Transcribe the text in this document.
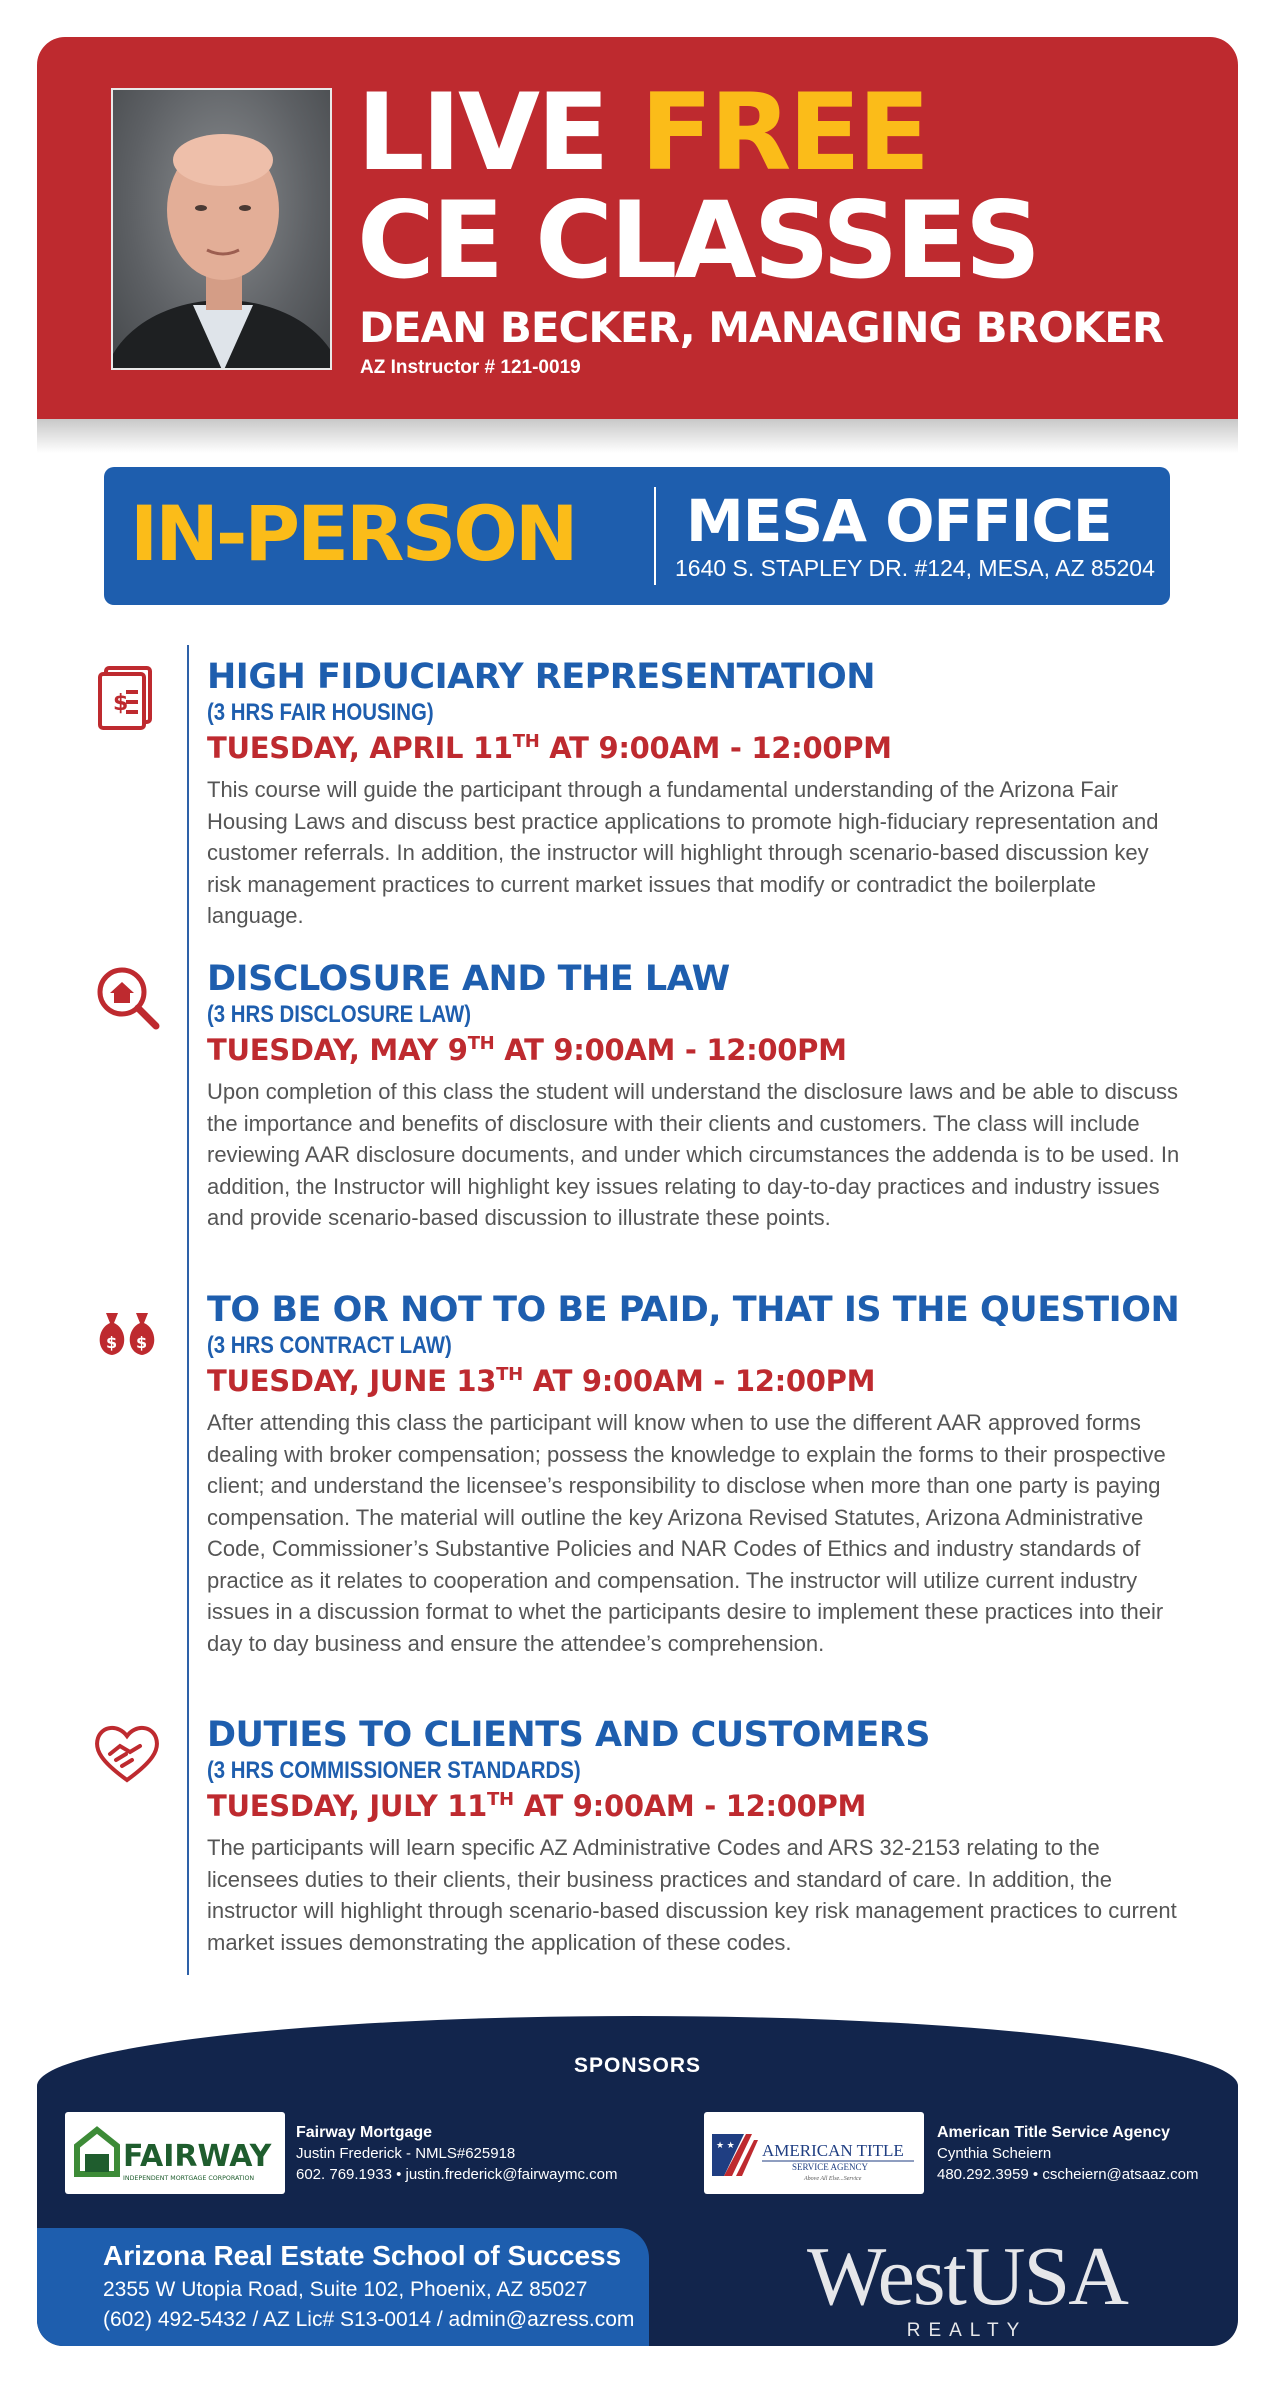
LIVE FREE
CE CLASSES
DEAN BECKER, MANAGING BROKER
AZ Instructor # 121-0019
IN-PERSON MESA OFFICE
1640 S. STAPLEY DR. #124, MESA, AZ 85204
$
$ $
HIGH FIDUCIARY REPRESENTATION
(3 HRS FAIR HOUSING)
TUESDAY, APRIL 11TH AT 9:00AM - 12:00PM
This course will guide the participant through a fundamental understanding of the Arizona Fair Housing Laws and discuss best practice applications to promote high-fiduciary representation and customer referrals. In addition, the instructor will highlight through scenario-based discussion key risk management practices to current market issues that modify or contradict the boilerplate language.
DISCLOSURE AND THE LAW
(3 HRS DISCLOSURE LAW)
TUESDAY, MAY 9TH AT 9:00AM - 12:00PM
Upon completion of this class the student will understand the disclosure laws and be able to discuss the importance and benefits of disclosure with their clients and customers. The class will include reviewing AAR disclosure documents, and under which circumstances the addenda is to be used. In addition, the Instructor will highlight key issues relating to day-to-day practices and industry issues and provide scenario-based discussion to illustrate these points.
TO BE OR NOT TO BE PAID, THAT IS THE QUESTION
(3 HRS CONTRACT LAW)
TUESDAY, JUNE 13TH AT 9:00AM - 12:00PM
After attending this class the participant will know when to use the different AAR approved forms dealing with broker compensation; possess the knowledge to explain the forms to their prospective client; and understand the licensee’s responsibility to disclose when more than one party is paying compensation. The material will outline the key Arizona Revised Statutes, Arizona Administrative Code, Commissioner’s Substantive Policies and NAR Codes of Ethics and industry standards of practice as it relates to cooperation and compensation. The instructor will utilize current industry issues in a discussion format to whet the participants desire to implement these practices into their day to day business and ensure the attendee’s comprehension.
DUTIES TO CLIENTS AND CUSTOMERS
(3 HRS COMMISSIONER STANDARDS)
TUESDAY, JULY 11TH AT 9:00AM - 12:00PM
The participants will learn specific AZ Administrative Codes and ARS 32-2153 relating to the licensees duties to their clients, their business practices and standard of care. In addition, the instructor will highlight through scenario-based discussion key risk management practices to current market issues demonstrating the application of these codes.
SPONSORS
FAIRWAY
INDEPENDENT MORTGAGE CORPORATION
Fairway Mortgage
Justin Frederick - NMLS#625918
602. 769.1933 • justin.frederick@fairwaymc.com
★ ★ AMERICAN TITLE
SERVICE AGENCY
Above All Else...Service
American Title Service Agency
Cynthia Scheiern
480.292.3959 • cscheiern@atsaaz.com
Arizona Real Estate School of Success
2355 W Utopia Road, Suite 102, Phoenix, AZ 85027
(602) 492-5432 / AZ Lic# S13-0014 / admin@azress.com WestUSA
REALTY
